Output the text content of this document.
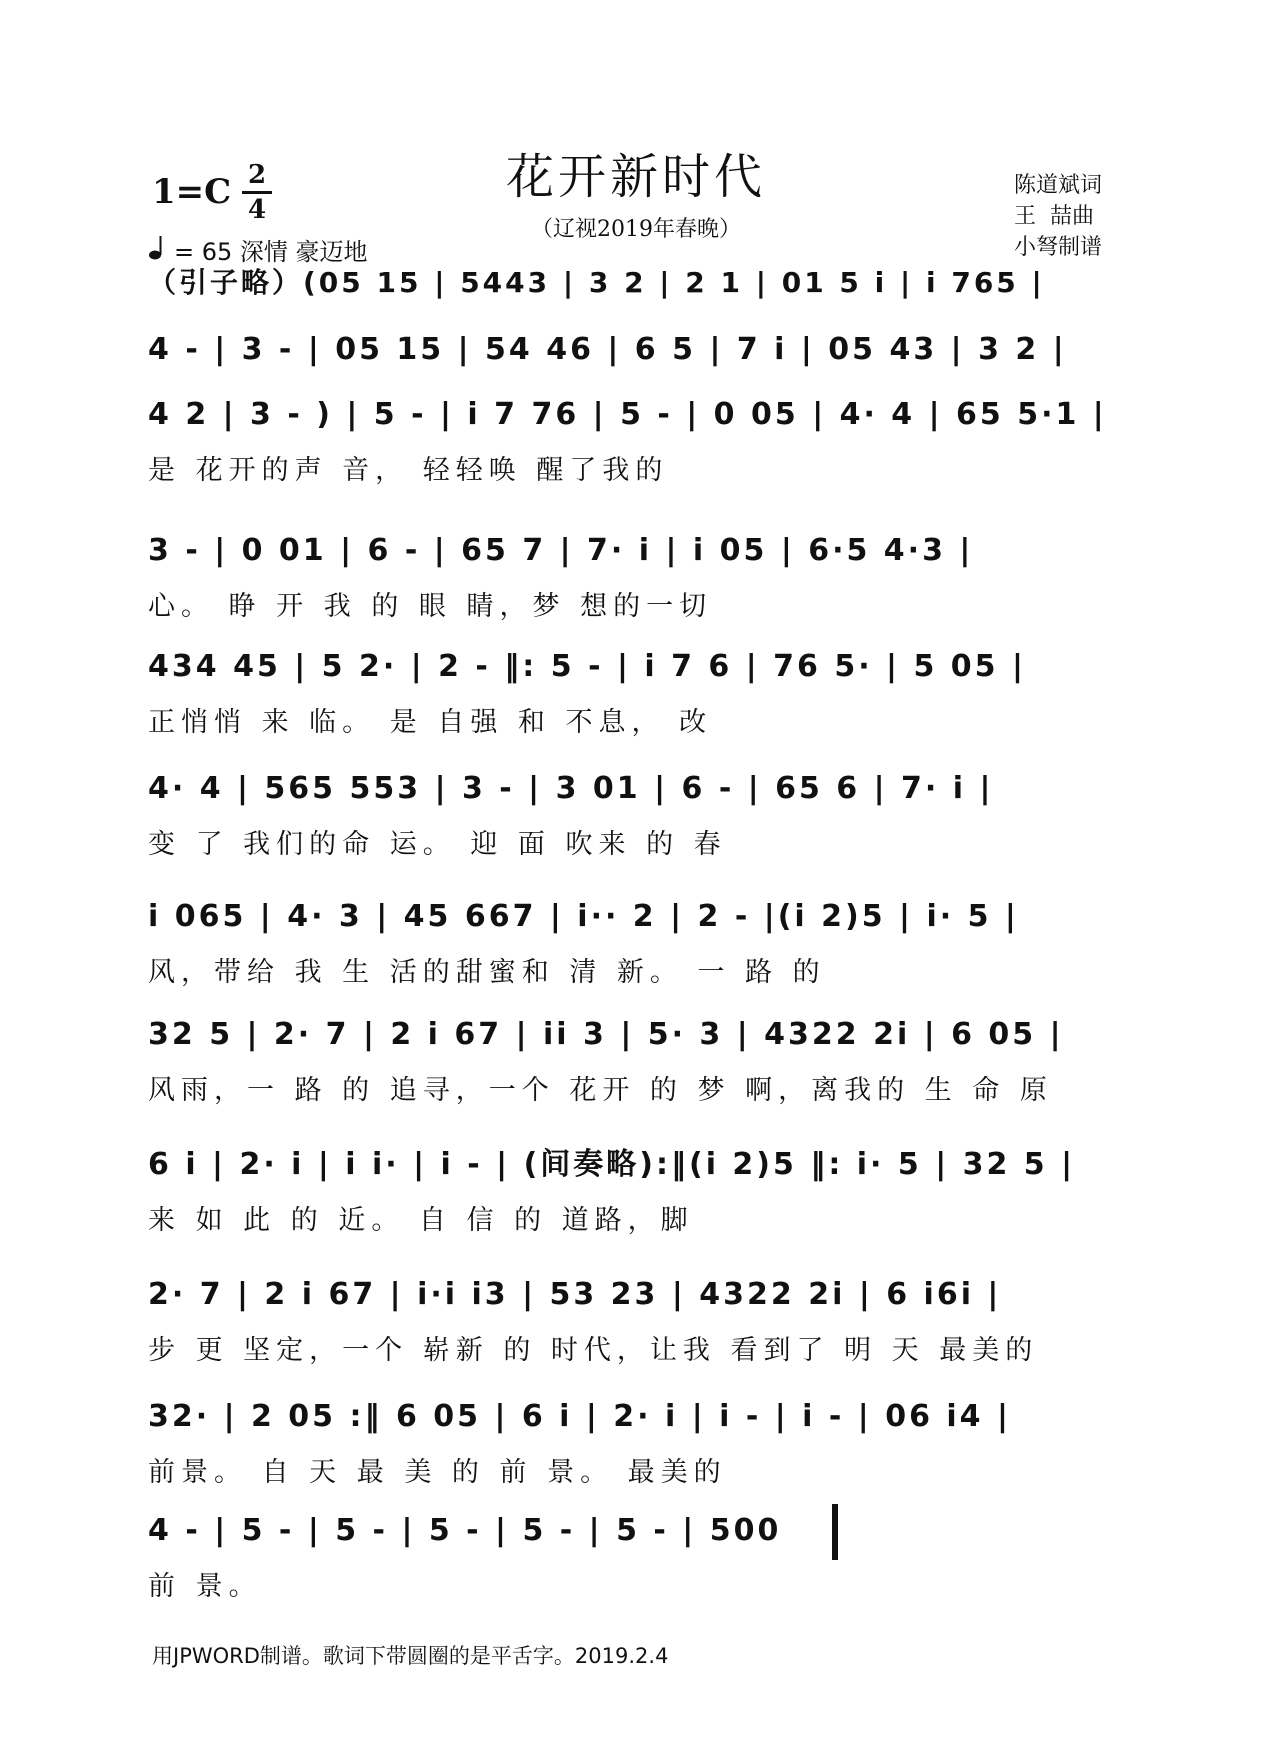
花开新时代
（辽视2019年春晚）
1=C 2
4
= 65 深情 豪迈地
陈道斌词
王  喆曲
小弩制谱
（引子略）(05 15 | 5443 | 3 2 | 2 1 | 01 5 i | i 765 |
4 - | 3 - | 05 15 | 54 46 | 6 5 | 7 i | 05 43 | 3 2 |
4 2 | 3 - ) | 5 - | i 7 76 | 5 - | 0 05 | 4· 4 | 65 5·1 |
是 花开的声 音， 轻轻唤 醒了我的
3 - | 0 01 | 6 - | 65 7 | 7· i | i 05 | 6·5 4·3 |
心。 睁 开 我 的 眼 睛，梦 想的一切
434 45 | 5 2· | 2 - ‖: 5 - | i 7 6 | 76 5· | 5 05 |
正悄悄 来 临。 是 自强 和 不息， 改
4· 4 | 565 553 | 3 - | 3 01 | 6 - | 65 6 | 7· i |
变 了 我们的命 运。 迎 面 吹来 的 春
i 065 | 4· 3 | 45 667 | i·· 2 | 2 - |(i 2)5 | i· 5 |
风，带给 我 生 活的甜蜜和 清 新。 一 路 的
32 5 | 2· 7 | 2 i 67 | ii 3 | 5· 3 | 4322 2i | 6 05 |
风雨，一 路 的 追寻，一个 花开 的 梦 啊，离我的 生 命 原
6 i | 2· i | i i· | i - | (间奏略):‖(i 2)5 ‖: i· 5 | 32 5 |
来 如 此 的 近。 自 信 的 道路，脚
2· 7 | 2 i 67 | i·i i3 | 53 23 | 4322 2i | 6 i6i |
步 更 坚定，一个 崭新 的 时代，让我 看到了 明 天 最美的
32· | 2 05 :‖ 6 05 | 6 i | 2· i | i - | i - | 06 i4 |
前景。 自 天 最 美 的 前 景。 最美的
4 - | 5 - | 5 - | 5 - | 5 - | 5 - | 500
前 景。
用JPWORD制谱。歌词下带圆圈的是平舌字。2019.2.4
